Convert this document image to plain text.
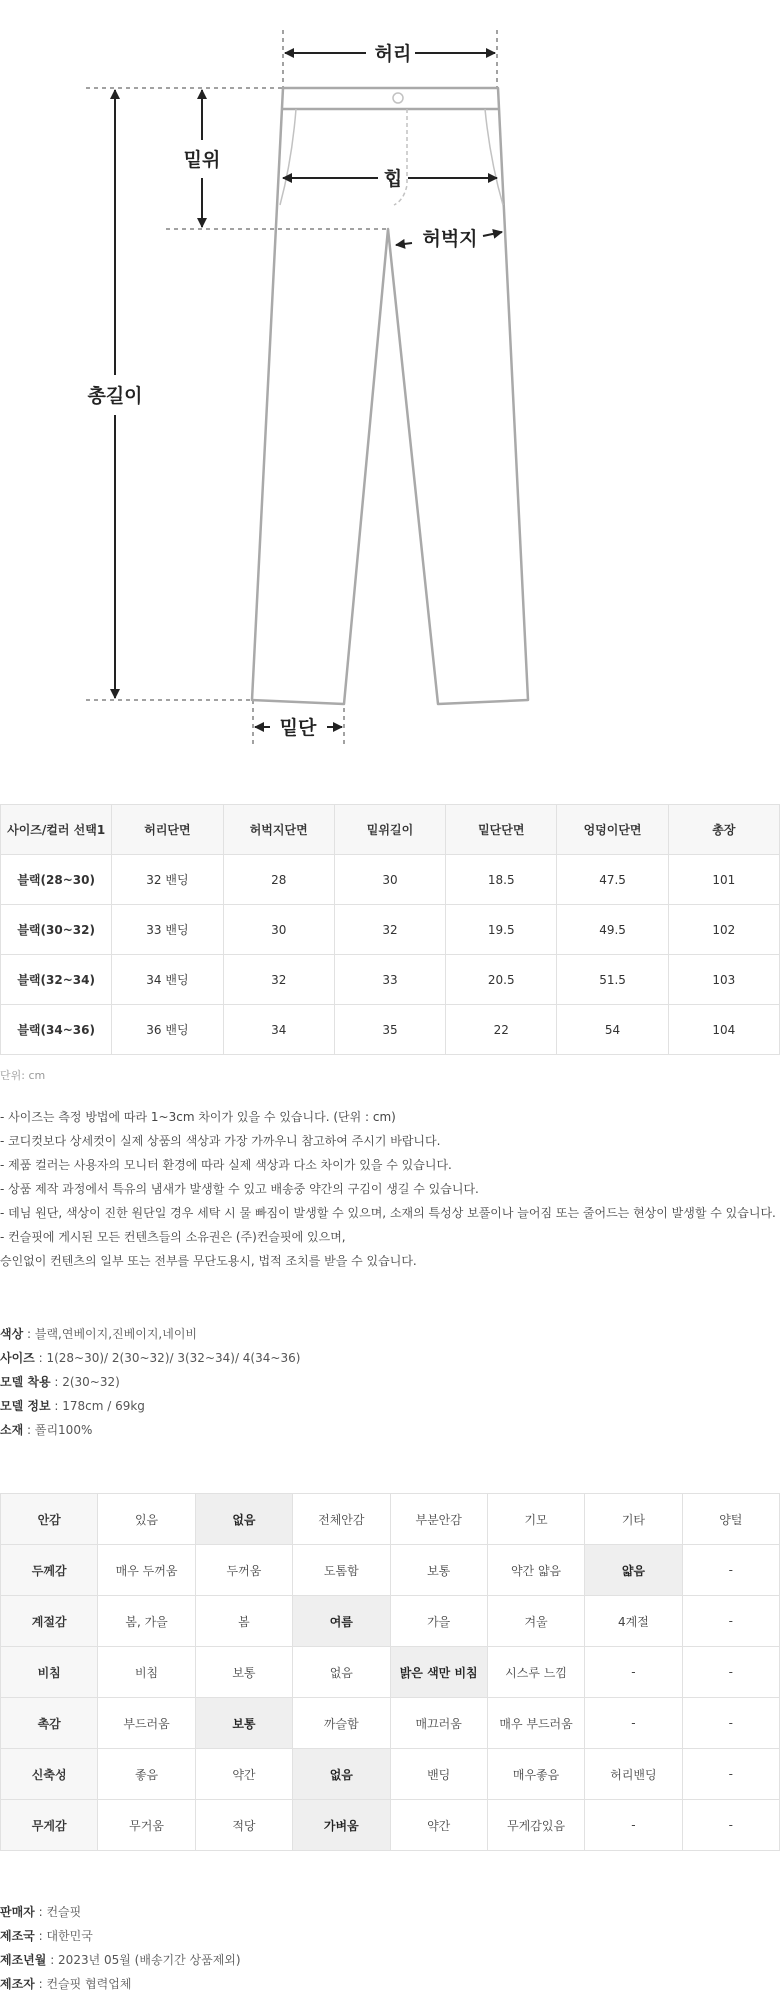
허리
밑위
힙
허벅지
총길이
밑단
사이즈/컬러 선택1	허리단면	허벅지단면	밑위길이	밑단단면	엉덩이단면	총장
블랙(28~30)	32 밴딩	28	30	18.5	47.5	101
블랙(30~32)	33 밴딩	30	32	19.5	49.5	102
블랙(32~34)	34 밴딩	32	33	20.5	51.5	103
블랙(34~36)	36 밴딩	34	35	22	54	104
단위: cm

- 사이즈는 측정 방법에 따라 1~3cm 차이가 있을 수 있습니다. (단위 : cm)

- 코디컷보다 상세컷이 실제 상품의 색상과 가장 가까우니 참고하여 주시기 바랍니다.

- 제품 컬러는 사용자의 모니터 환경에 따라 실제 색상과 다소 차이가 있을 수 있습니다.

- 상품 제작 과정에서 특유의 냄새가 발생할 수 있고 배송중 약간의 구김이 생길 수 있습니다.

- 데님 원단, 색상이 진한 원단일 경우 세탁 시 물 빠짐이 발생할 수 있으며, 소재의 특성상 보풀이나 늘어짐 또는 줄어드는 현상이 발생할 수 있습니다.

- 컨슬핏에 게시된 모든 컨텐츠들의 소유권은 (주)컨슬핏에 있으며,

승인없이 컨텐츠의 일부 또는 전부를 무단도용시, 법적 조치를 받을 수 있습니다.

색상 : 블랙,연베이지,진베이지,네이비

사이즈 : 1(28~30)/ 2(30~32)/ 3(32~34)/ 4(34~36)

모델 착용 : 2(30~32)

모델 정보 : 178cm / 69kg

소재 : 폴리100%

안감	있음	없음	전체안감	부분안감	기모	기타	양털
두께감	매우 두꺼움	두꺼움	도톰함	보통	약간 얇음	얇음	-
계절감	봄, 가을	봄	여름	가을	겨울	4계절	-
비침	비침	보통	없음	밝은 색만 비침	시스루 느낌	-	-
촉감	부드러움	보통	까슬함	매끄러움	매우 부드러움	-	-
신축성	좋음	약간	없음	밴딩	매우좋음	허리밴딩	-
무게감	무거움	적당	가벼움	약간	무게감있음	-	-

판매자 : 컨슬핏

제조국 : 대한민국

제조년월 : 2023년 05월 (배송기간 상품제외)

제조자 : 컨슬핏 협력업체
